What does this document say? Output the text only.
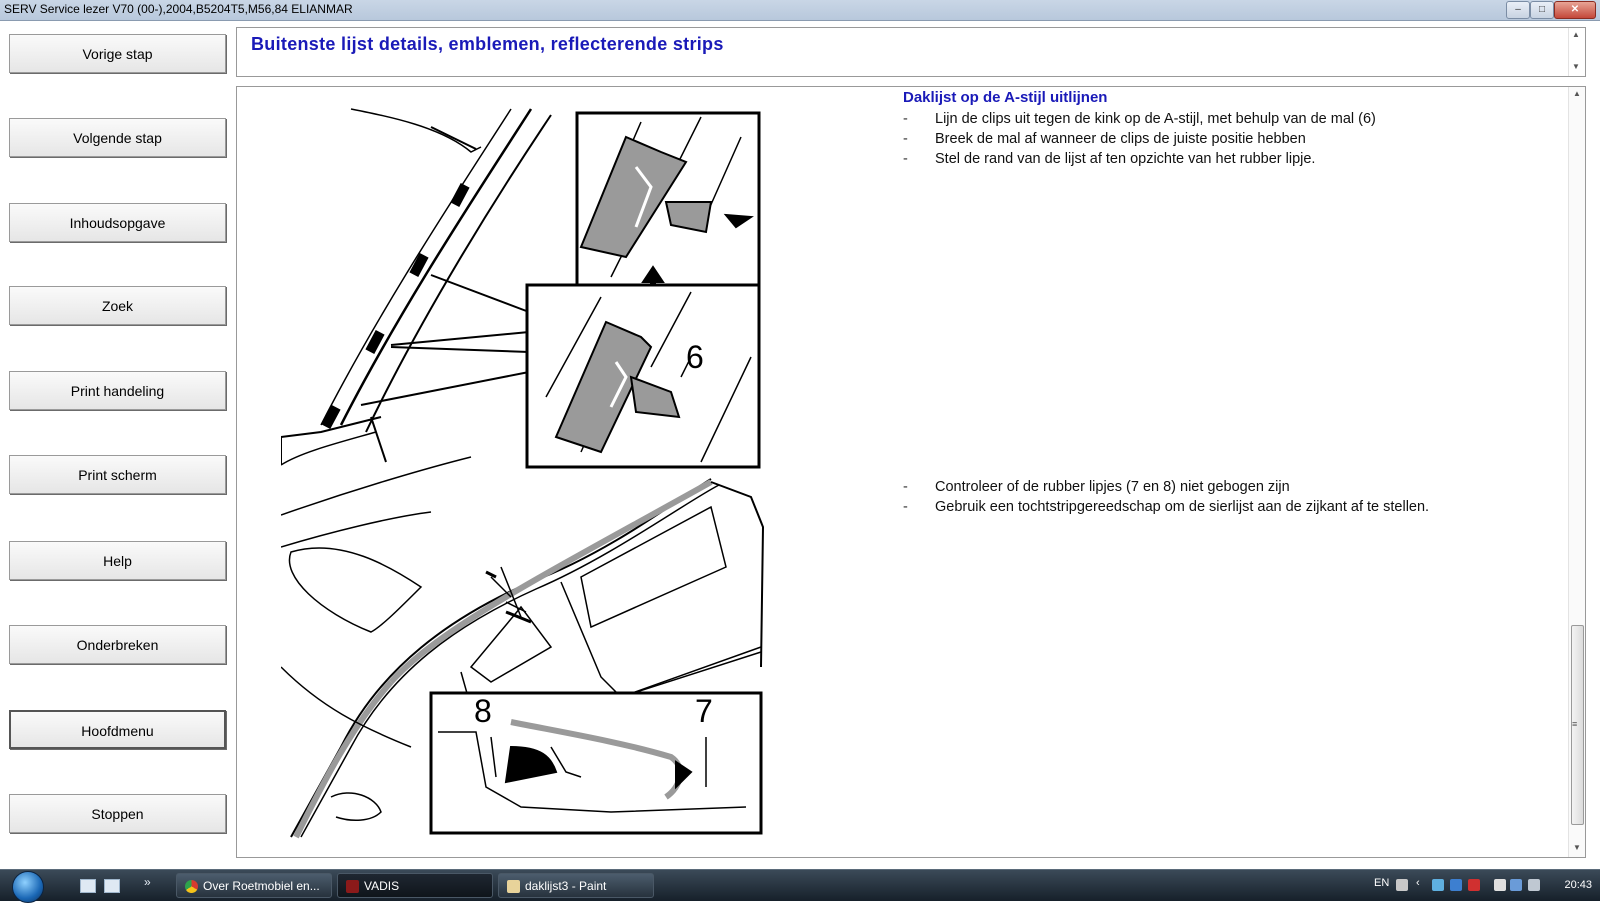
SERV Service lezer V70 (00-),2004,B5204T5,M56,84 ELIANMAR	–	□	✕
Vorige stap
Volgende stap
Inhoudsopgave
Zoek
Print handeling
Print scherm
Help
Onderbreken
Hoofdmenu
Stoppen
Buitenste lijst details, emblemen, reflecterende strips	▲
▼
6
8	7
Daklijst op de A-stijl uitlijnen
- Lijn de clips uit tegen de kink op de A-stijl, met behulp van de mal (6)
- Breek de mal af wanneer de clips de juiste positie hebben
- Stel de rand van de lijst af ten opzichte van het rubber lipje.
- Controleer of de rubber lipjes (7 en 8) niet gebogen zijn
- Gebruik een tochtstripgereedschap om de sierlijst aan de zijkant af te stellen.
▲
≡
▼
»	Over Roetmobiel en...	VADIS	daklijst3 - Paint	EN ‹	20:43
